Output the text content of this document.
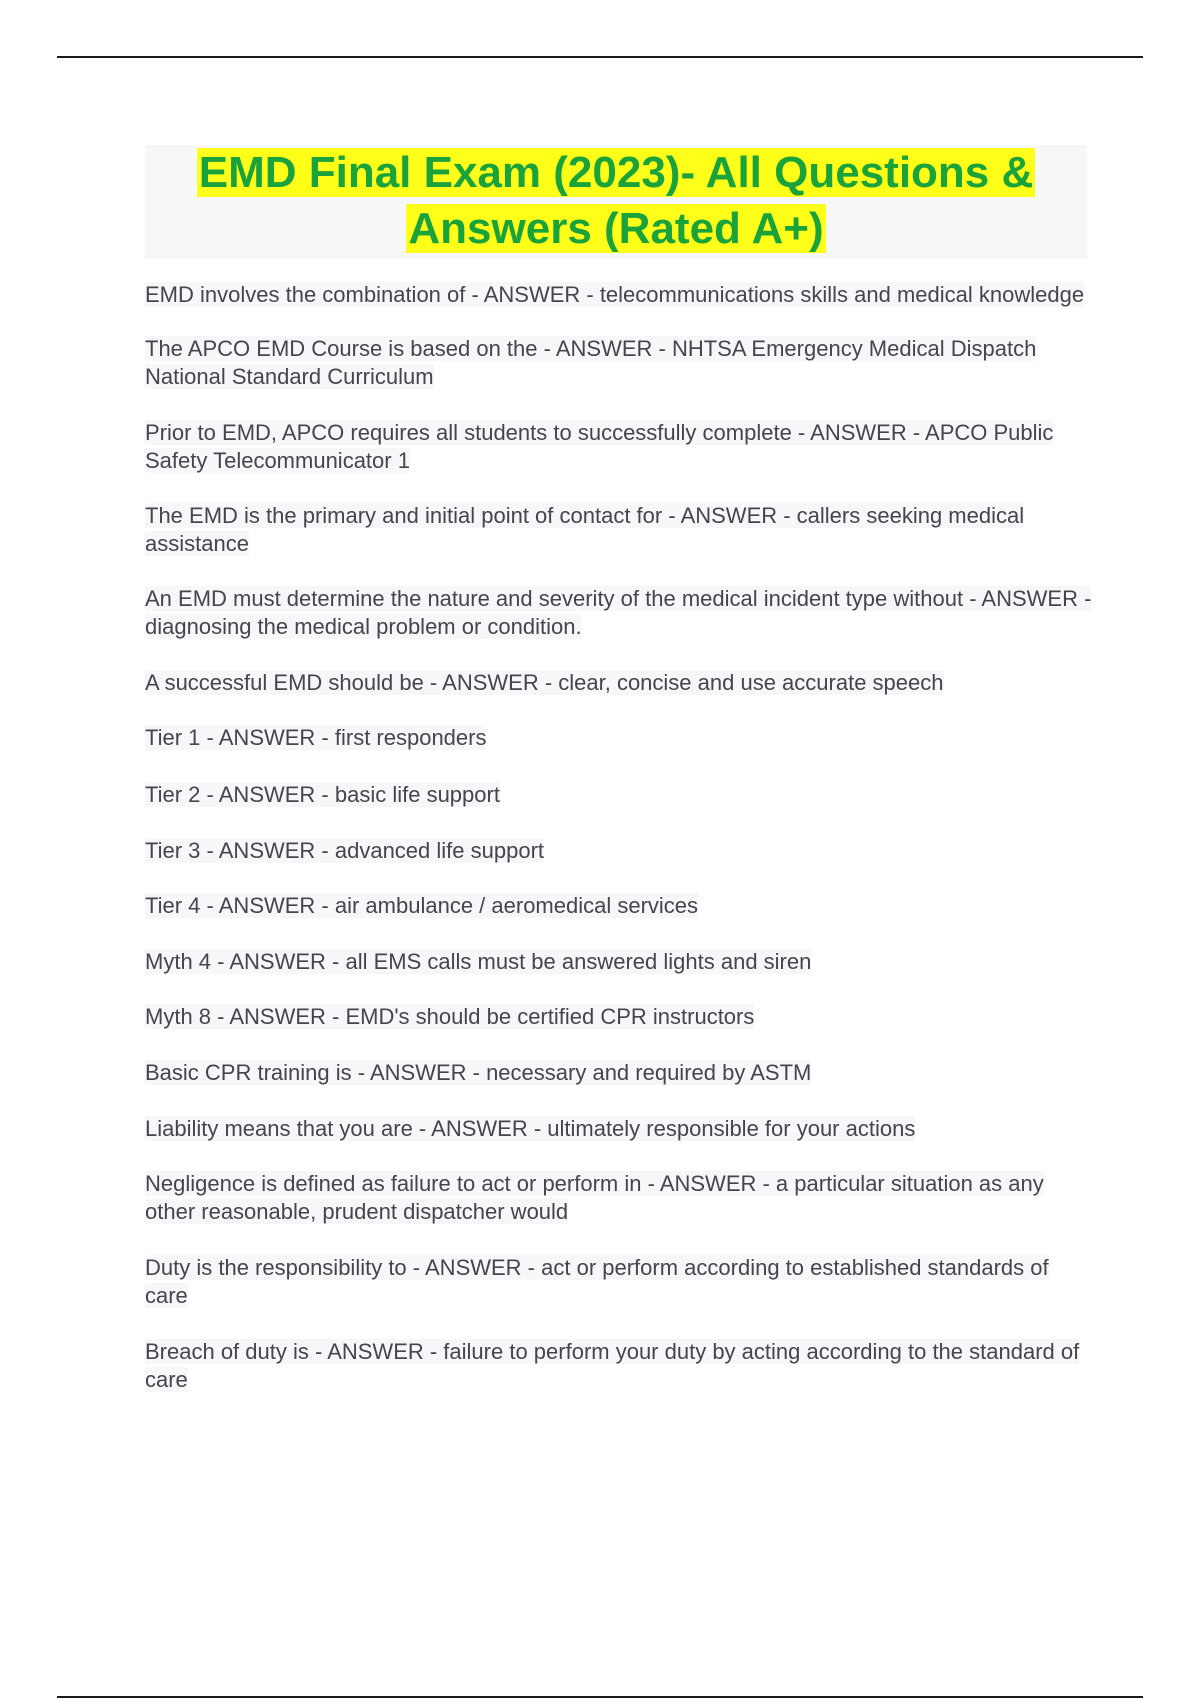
EMD Final Exam (2023)- All Questions & Answers (Rated A+)
EMD involves the combination of - ANSWER - telecommunications skills and medical knowledge
The APCO EMD Course is based on the - ANSWER - NHTSA Emergency Medical Dispatch National Standard Curriculum
Prior to EMD, APCO requires all students to successfully complete - ANSWER - APCO Public Safety Telecommunicator 1
The EMD is the primary and initial point of contact for - ANSWER - callers seeking medical assistance
An EMD must determine the nature and severity of the medical incident type without - ANSWER - diagnosing the medical problem or condition.
A successful EMD should be - ANSWER - clear, concise and use accurate speech
Tier 1 - ANSWER - first responders
Tier 2 - ANSWER - basic life support
Tier 3 - ANSWER - advanced life support
Tier 4 - ANSWER - air ambulance / aeromedical services
Myth 4 - ANSWER - all EMS calls must be answered lights and siren
Myth 8 - ANSWER - EMD's should be certified CPR instructors
Basic CPR training is - ANSWER - necessary and required by ASTM
Liability means that you are - ANSWER - ultimately responsible for your actions
Negligence is defined as failure to act or perform in - ANSWER - a particular situation as any other reasonable, prudent dispatcher would
Duty is the responsibility to - ANSWER - act or perform according to established standards of care
Breach of duty is - ANSWER - failure to perform your duty by acting according to the standard of care
